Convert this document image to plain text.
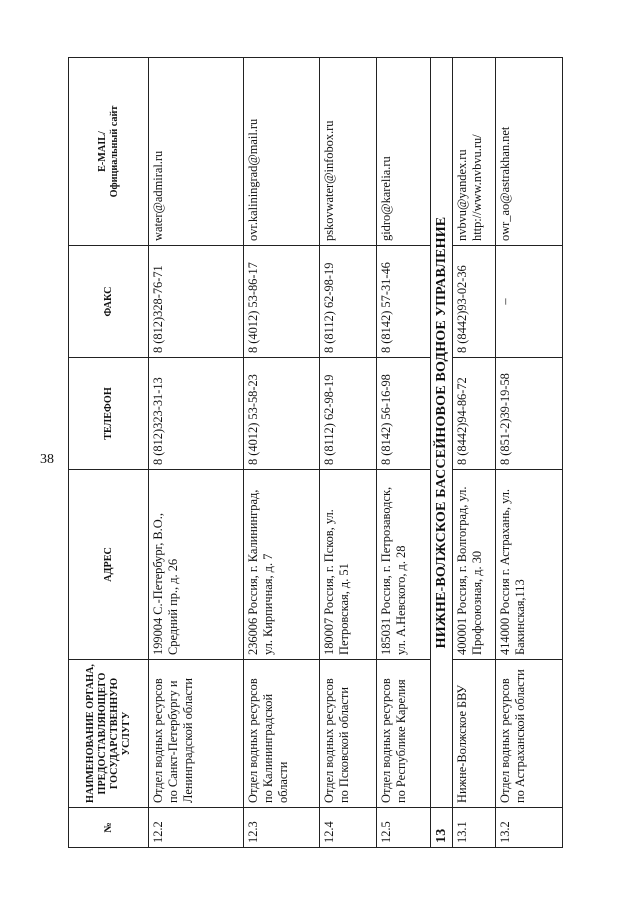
38
№	НАИМЕНОВАНИЕ ОРГАНА, ПРЕДОСТАВЛЯЮЩЕГО ГОСУДАРСТВЕННУЮ УСЛУГУ	АДРЕС	ТЕЛЕФОН	ФАКС	E-MAIL/ Официальный сайт

12.2	Отдел водных ресурсов по Санкт-Петербургу и Ленинградской области	199004 С.-Петербург, В.О., Средний пр., д. 26	8 (812)323-31-13	8 (812)328-76-71	water@admiral.ru
12.3	Отдел водных ресурсов по Калининградской области	236006 Россия, г. Калининград, ул. Кирпичная, д. 7	8 (4012) 53-58-23	8 (4012) 53-86-17	ovr.kaliningrad@mail.ru
12.4	Отдел водных ресурсов по Псковской области	180007 Россия, г. Псков, ул. Петровская, д. 51	8 (8112) 62-98-19	8 (8112) 62-98-19	pskovwater@infobox.ru
12.5	Отдел водных ресурсов по Республике Карелия	185031 Россия, г. Петрозаводск, ул. А.Невского, д. 28	8 (8142) 56-16-98	8 (8142) 57-31-46	gidro@karelia.ru
13	НИЖНЕ-ВОЛЖСКОЕ БАССЕЙНОВОЕ ВОДНОЕ УПРАВЛЕНИЕ				
13.1	Нижне-Волжское БВУ	400001 Россия, г. Волгоград, ул. Профсоюзная, д. 30	8 (8442)94-86-72	8 (8442)93-02-36	nvbvu@yandex.ru http://www.nvbvu.ru/
13.2	Отдел водных ресурсов по Астраханской области	414000 Россия г. Астрахань, ул. Бакинская,113	8 (851-2)39-19-58	–	owr_ao@astrakhan.net
